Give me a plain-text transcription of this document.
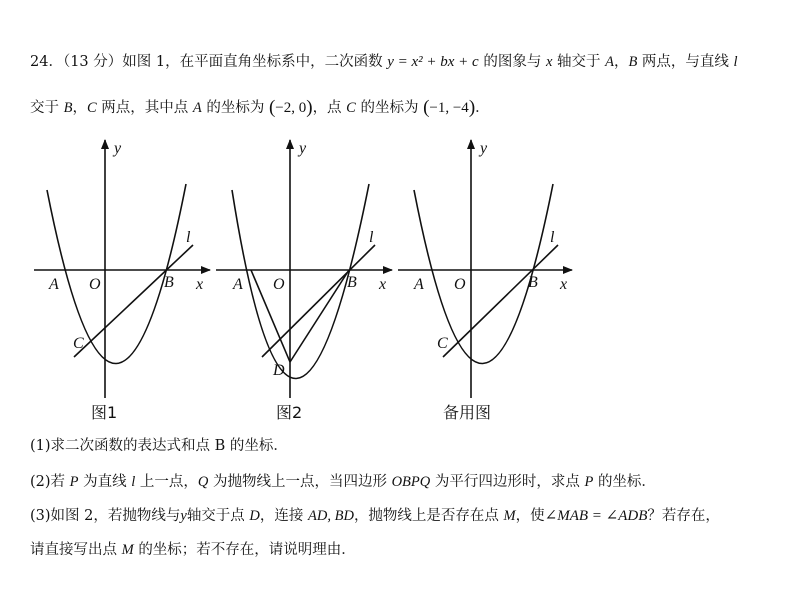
24．（13 分）如图 1，在平面直角坐标系中，二次函数 y = x² + bx + c 的图象与 x 轴交于 A，B 两点，与直线 l
交于 B，C 两点，其中点 A 的坐标为 (−2, 0)，点 C 的坐标为 (−1, −4)．
y
x
A O	B
C
l
图1
y
x
A O	B
D
l
图2
y
x
A O	B
C
l
备用图
(1)求二次函数的表达式和点 B 的坐标．
(2)若 P 为直线 l 上一点，Q 为抛物线上一点，当四边形 OBPQ 为平行四边形时，求点 P 的坐标．
(3)如图 2，若抛物线与y轴交于点 D，连接 AD, BD，抛物线上是否存在点 M，使∠MAB = ∠ADB？若存在，
请直接写出点 M 的坐标；若不存在，请说明理由．
